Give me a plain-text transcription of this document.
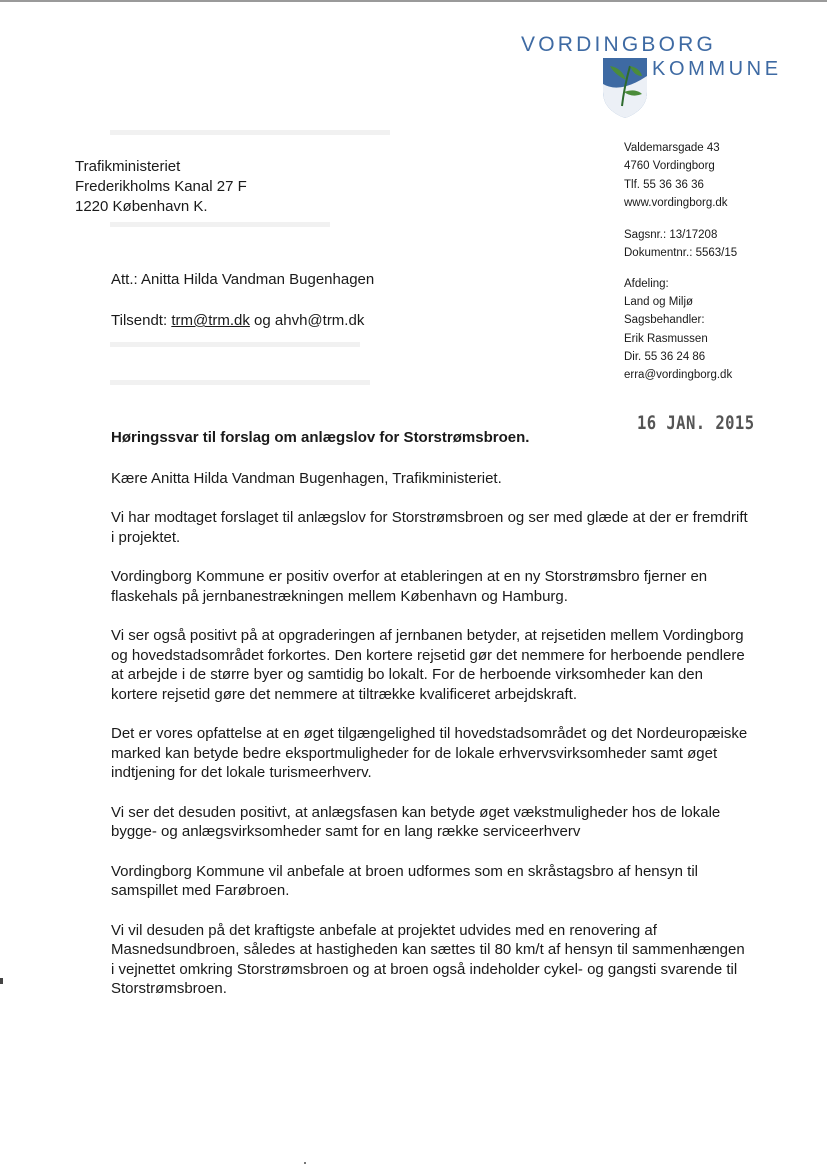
VORDINGBORG
KOMMUNE
Trafikministeriet
Frederikholms Kanal 27 F
1220 København K.
Valdemarsgade 43
4760 Vordingborg
Tlf. 55 36 36 36
www.vordingborg.dk
Sagsnr.: 13/17208
Dokumentnr.: 5563/15
Afdeling:
Land og Miljø
Sagsbehandler:
Erik Rasmussen
Dir. 55 36 24 86
erra@vordingborg.dk
Att.: Anitta Hilda Vandman Bugenhagen
Tilsendt: trm@trm.dk og ahvh@trm.dk
16 JAN. 2015
Høringssvar til forslag om anlægslov for Storstrømsbroen.

Kære Anitta Hilda Vandman Bugenhagen, Trafikministeriet.

Vi har modtaget forslaget til anlægslov for Storstrømsbroen og ser med glæde at der er fremdrift i projektet.

Vordingborg Kommune er positiv overfor at etableringen at en ny Storstrømsbro fjerner en flaskehals på jernbanestrækningen mellem København og Hamburg.

Vi ser også positivt på at opgraderingen af jernbanen betyder, at rejsetiden mellem Vordingborg og hovedstadsområdet forkortes. Den kortere rejsetid gør det nemmere for herboende pendlere at arbejde i de større byer og samtidig bo lokalt. For de herboende virksomheder kan den kortere rejsetid gøre det nemmere at tiltrække kvalificeret arbejdskraft.

Det er vores opfattelse at en øget tilgængelighed til hovedstadsområdet og det Nordeuropæiske marked kan betyde bedre eksportmuligheder for de lokale erhvervsvirksomheder samt øget indtjening for det lokale turismeerhverv.

Vi ser det desuden positivt, at anlægsfasen kan betyde øget vækstmuligheder hos de lokale bygge- og anlægsvirksomheder samt for en lang række serviceerhverv

Vordingborg Kommune vil anbefale at broen udformes som en skråstagsbro af hensyn til samspillet med Farøbroen.

Vi vil desuden på det kraftigste anbefale at projektet udvides med en renovering af Masnedsundbroen, således at hastigheden kan sættes til 80 km/t af hensyn til sammenhængen i vejnettet omkring Storstrømsbroen og at broen også indeholder cykel- og gangsti svarende til Storstrømsbroen.
